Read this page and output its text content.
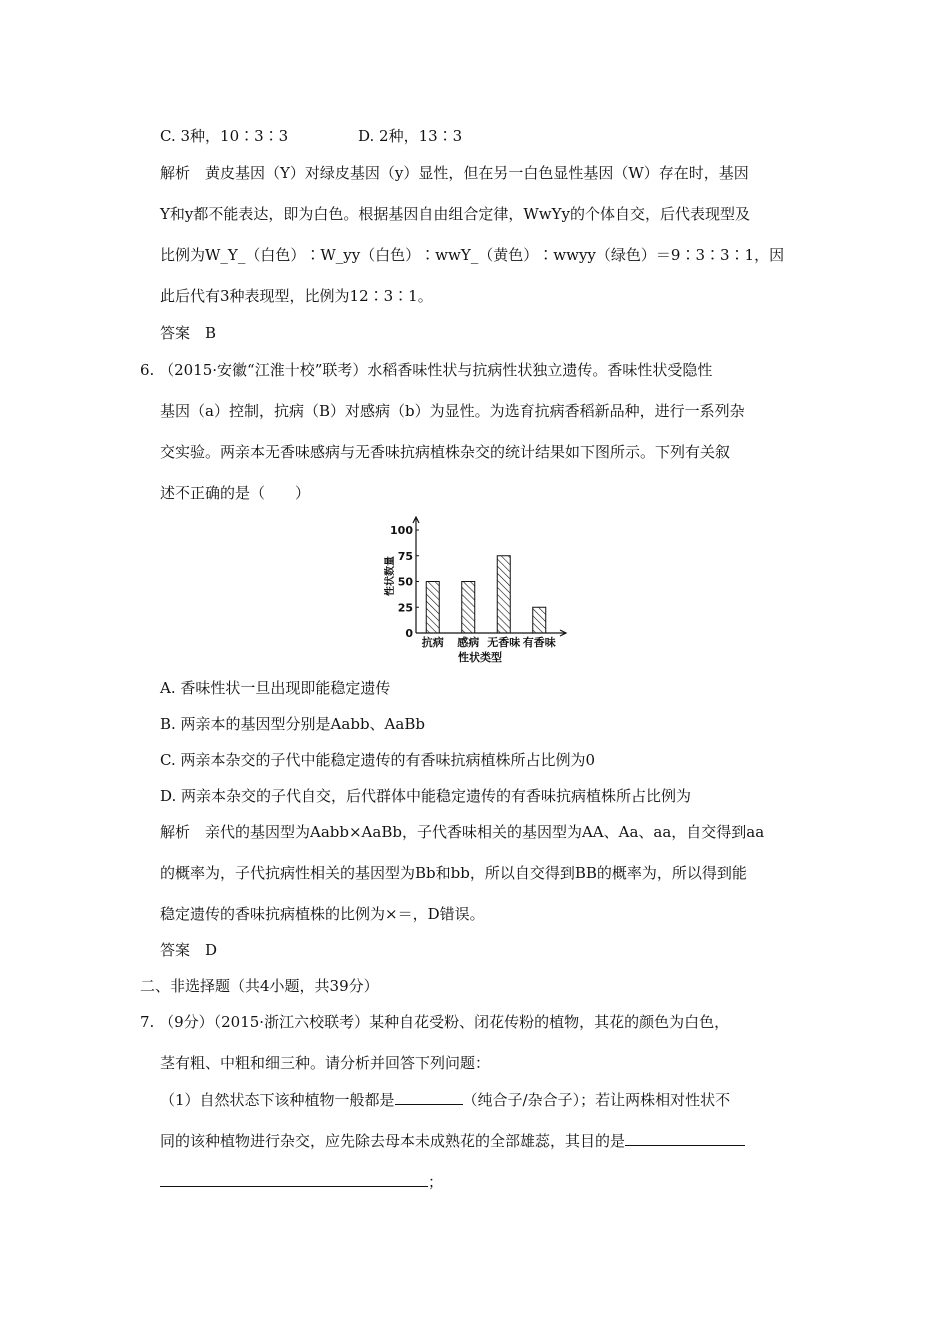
C. 3种，10∶3∶3	D. 2种，13∶3
解析　黄皮基因（Y）对绿皮基因（y）显性，但在另一白色显性基因（W）存在时，基因
Y和y都不能表达，即为白色。根据基因自由组合定律，WwYy的个体自交，后代表现型及
比例为W_Y_（白色）∶W_yy（白色）∶wwY_（黄色）∶wwyy（绿色）＝9∶3∶3∶1，因
此后代有3种表现型，比例为12∶3∶1。
答案　B
6. （2015·安徽“江淮十校”联考）水稻香味性状与抗病性状独立遗传。香味性状受隐性
基因（a）控制，抗病（B）对感病（b）为显性。为选育抗病香稻新品种，进行一系列杂
交实验。两亲本无香味感病与无香味抗病植株杂交的统计结果如下图所示。下列有关叙
述不正确的是（　　）
100
75
50
25
0
抗病 感病 无香味 有香味
性状数量
性状类型
A. 香味性状一旦出现即能稳定遗传
B. 两亲本的基因型分别是Aabb、AaBb
C. 两亲本杂交的子代中能稳定遗传的有香味抗病植株所占比例为0
D. 两亲本杂交的子代自交，后代群体中能稳定遗传的有香味抗病植株所占比例为
解析　亲代的基因型为Aabb×AaBb，子代香味相关的基因型为AA、Aa、aa，自交得到aa
的概率为，子代抗病性相关的基因型为Bb和bb，所以自交得到BB的概率为，所以得到能
稳定遗传的香味抗病植株的比例为×＝，D错误。
答案　D
二、非选择题（共4小题，共39分）
7. （9分）（2015·浙江六校联考）某种自花受粉、闭花传粉的植物，其花的颜色为白色，
茎有粗、中粗和细三种。请分析并回答下列问题：
（1）自然状态下该种植物一般都是	（纯合子/杂合子）；若让两株相对性状不
同的该种植物进行杂交，应先除去母本未成熟花的全部雄蕊，其目的是
；
